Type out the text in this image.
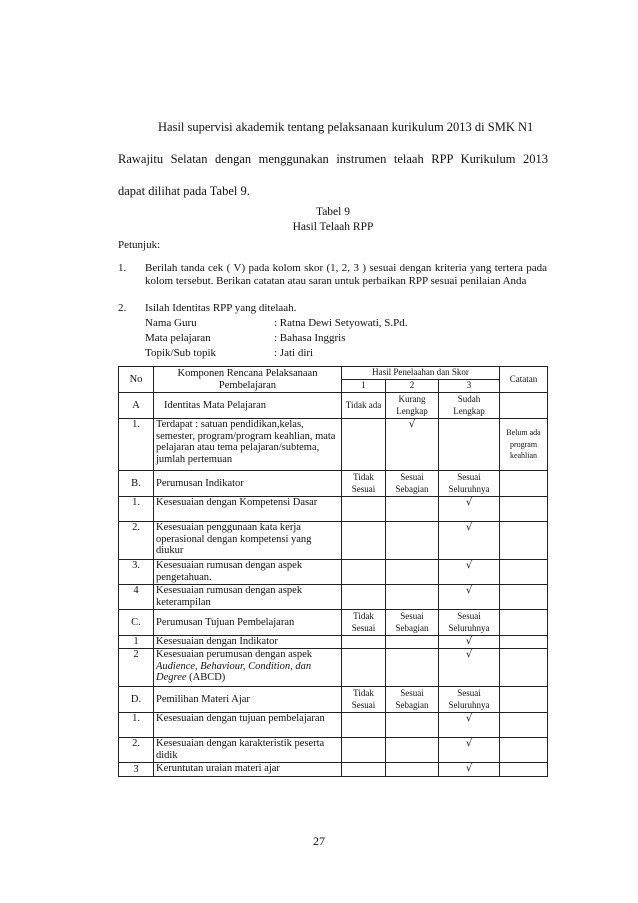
Hasil supervisi akademik tentang pelaksanaan kurikulum 2013 di SMK N1
Rawajitu Selatan dengan menggunakan instrumen telaah RPP Kurikulum 2013
dapat dilihat pada Tabel 9.
Tabel 9
Hasil Telaah RPP
Petunjuk:
1. Berilah tanda cek ( V) pada kolom skor (1, 2, 3 ) sesuai dengan kriteria yang tertera pada kolom tersebut. Berikan catatan atau saran untuk perbaikan RPP sesuai penilaian Anda
2. Isilah Identitas RPP yang ditelaah.
Nama Guru	: Ratna Dewi Setyowati, S.Pd.
Mata pelajaran	: Bahasa Inggris
Topik/Sub topik	: Jati diri
No	Komponen Rencana Pelaksanaan Pembelajaran	Hasil Penelaahan dan Skor			Catatan
		1	2	3	
A	Identitas Mata Pelajaran	Tidak ada	Kurang Lengkap	Sudah Lengkap	
1.	Terdapat : satuan pendidikan,kelas, semester, program/program keahlian, mata pelajaran atau tema pelajaran/subtema, jumlah pertemuan		√		Belum ada program keahlian
B.	Perumusan Indikator	Tidak Sesuai	Sesuai Sebagian	Sesuai Seluruhnya	
1.	Kesesuaian dengan Kompetensi Dasar			√	
2.	Kesesuaian penggunaan kata kerja operasional dengan kompetensi yang diukur			√	
3.	Kesesuaian rumusan dengan aspek pengetahuan.			√	
4	Kesesuaian rumusan dengan aspek keterampilan			√	
C.	Perumusan Tujuan Pembelajaran	Tidak Sesuai	Sesuai Sebagian	Sesuai Seluruhnya	
1	Kesesuaian dengan Indikator			√	
2	Kesesuaian perumusan dengan aspek Audience, Behaviour, Condition, dan Degree (ABCD)			√	
D.	Pemilihan Materi Ajar	Tidak Sesuai	Sesuai Sebagian	Sesuai Seluruhnya	
1.	Kesesuaian dengan tujuan pembelajaran			√	
2.	Kesesuaian dengan karakteristik peserta didik			√	
3	Keruntutan uraian materi ajar			√	
27
